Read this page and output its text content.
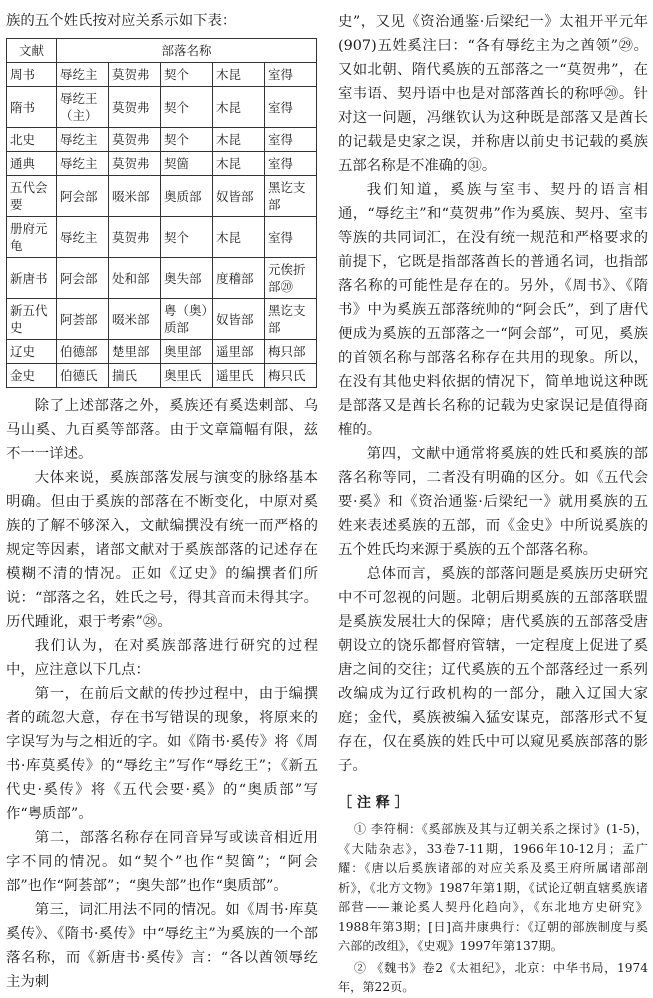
族的五个姓氏按对应关系示如下表：

文献	部落名称				
周书	辱纥主	莫贺弗	契个	木昆	室得
隋书	辱纥王（主）	莫贺弗	契个	木昆	室得
北史	辱纥主	莫贺弗	契个	木昆	室得
通典	辱纥主	莫贺弗	契箇	木昆	室得
五代会要	阿会部	啜米部	奥质部	奴皆部	黑讫支部
册府元龟	辱纥主	莫贺弗	契个	木昆	室得
新唐书	阿会部	处和部	奥失部	度稽部	元俟折部⑳
新五代史	阿荟部	啜米部	粤（奥）质部	奴皆部	黑讫支部
辽史	伯德部	楚里部	奥里部	遥里部	梅只部
金史	伯德氏	揣氏	奥里氏	遥里氏	梅只氏

除了上述部落之外，奚族还有奚迭剌部、乌马山奚、九百奚等部落。由于文章篇幅有限，兹不一一详述。

大体来说，奚族部落发展与演变的脉络基本明确。但由于奚族的部落在不断变化，中原对奚族的了解不够深入，文献编撰没有统一而严格的规定等因素，诸部文献对于奚族部落的记述存在模糊不清的情况。正如《辽史》的编撰者们所说：“部落之名，姓氏之号，得其音而未得其字。历代踵讹，艰于考索”㉘。

我们认为，在对奚族部落进行研究的过程中，应注意以下几点：

第一，在前后文献的传抄过程中，由于编撰者的疏忽大意，存在书写错误的现象，将原来的字误写为与之相近的字。如《隋书·奚传》将《周书·库莫奚传》的“辱纥主”写作“辱纥王”；《新五代史·奚传》将《五代会要·奚》的“奥质部”写作“粤质部”。

第二，部落名称存在同音异写或读音相近用字不同的情况。如“契个”也作“契箇”；“阿会部”也作“阿荟部”；“奥失部”也作“奥质部”。

第三，词汇用法不同的情况。如《周书·库莫奚传》、《隋书·奚传》中“辱纥主”为奚族的一个部落名称，而《新唐书·奚传》言：“各以酋领辱纥主为刺

史”，又见《资治通鉴·后梁纪一》太祖开平元年(907)五姓奚注曰：“各有辱纥主为之酋领”㉙。又如北朝、隋代奚族的五部落之一“莫贺弗”，在室韦语、契丹语中也是对部落酋长的称呼⑳。针对这一问题，冯继钦认为这种既是部落又是酋长的记载是史家之误，并称唐以前史书记载的奚族五部名称是不准确的㉛。

我们知道，奚族与室韦、契丹的语言相通，“辱纥主”和“莫贺弗”作为奚族、契丹、室韦等族的共同词汇，在没有统一规范和严格要求的前提下，它既是指部落酋长的普通名词，也指部落名称的可能性是存在的。另外，《周书》、《隋书》中为奚族五部落统帅的“阿会氏”，到了唐代便成为奚族的五部落之一“阿会部”，可见，奚族的首领名称与部落名称存在共用的现象。所以，在没有其他史料依据的情况下，简单地说这种既是部落又是酋长名称的记载为史家误记是值得商榷的。

第四，文献中通常将奚族的姓氏和奚族的部落名称等同，二者没有明确的区分。如《五代会要·奚》和《资治通鉴·后梁纪一》就用奚族的五姓来表述奚族的五部，而《金史》中所说奚族的五个姓氏均来源于奚族的五个部落名称。

总体而言，奚族的部落问题是奚族历史研究中不可忽视的问题。北朝后期奚族的五部落联盟是奚族发展壮大的保障；唐代奚族的五部落受唐朝设立的饶乐都督府管辖，一定程度上促进了奚唐之间的交往；辽代奚族的五个部落经过一系列改编成为辽行政机构的一部分，融入辽国大家庭；金代，奚族被编入猛安谋克，部落形式不复存在，仅在奚族的姓氏中可以窥见奚族部落的影子。

［ 注 释 ］

① 李符桐：《奚部族及其与辽朝关系之探讨》(1-5)，《大陆杂志》，33卷7-11期，1966年10-12月；孟广耀：《唐以后奚族诸部的对应关系及奚王府所属诸部剖析》，《北方文物》1987年第1期，《试论辽朝直辖奚族诸部营——兼论奚人契丹化趋向》，《东北地方史研究》1988年第3期；[日]高井康典行：《辽朝的部族制度与奚六部的改组》，《史观》1997年第137期。

② 《魏书》卷2《太祖纪》，北京：中华书局，1974年，第22页。
